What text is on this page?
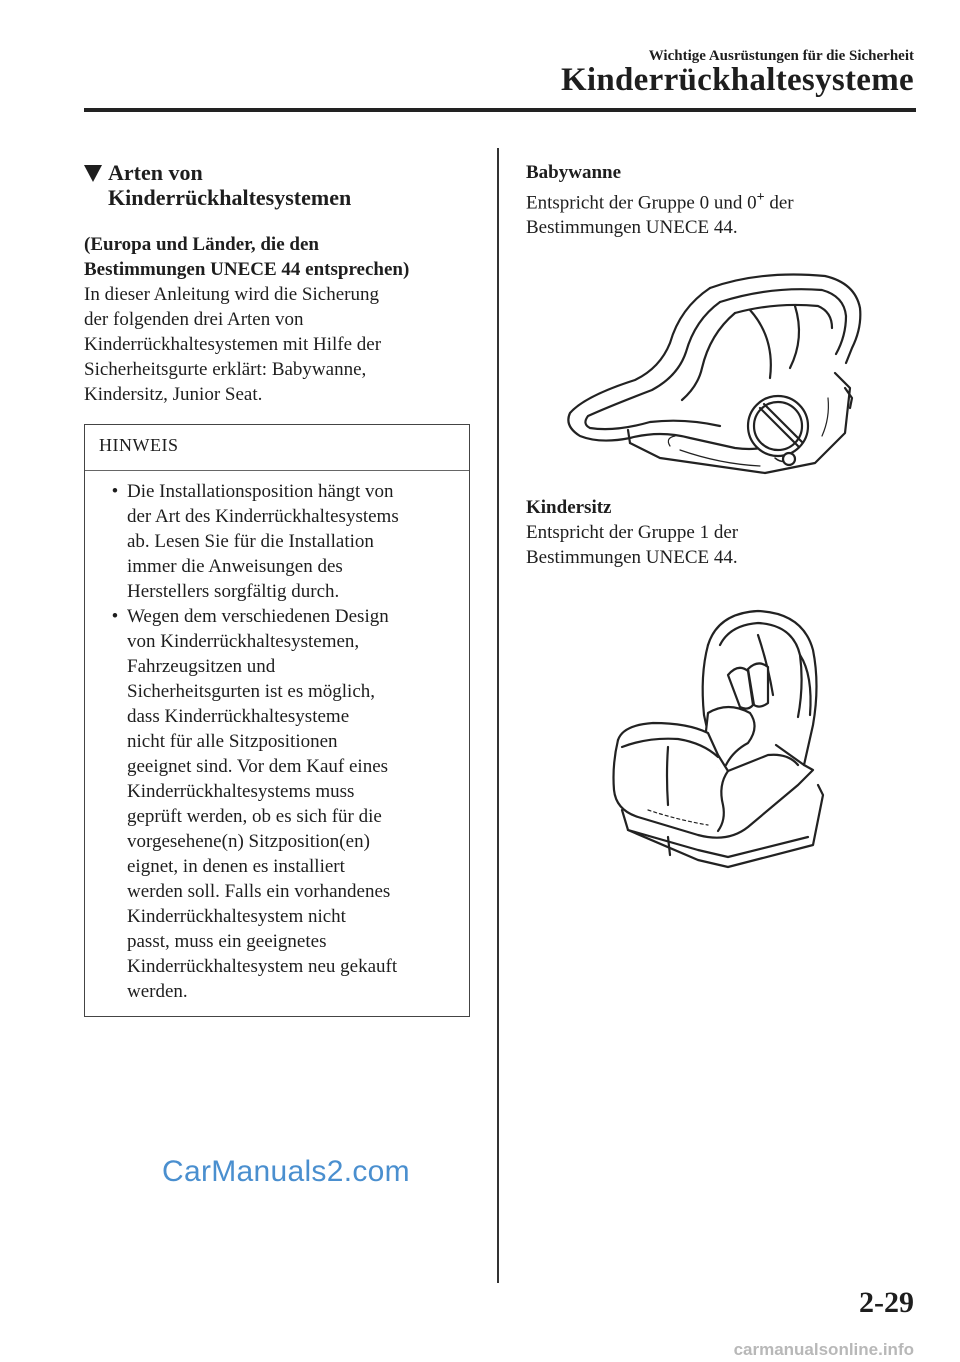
Wichtige Ausrüstungen für die Sicherheit
Kinderrückhaltesysteme
Arten von
Kinderrückhaltesystemen
(Europa und Länder, die den
Bestimmungen UNECE 44 entsprechen)
In dieser Anleitung wird die Sicherung
der folgenden drei Arten von
Kinderrückhaltesystemen mit Hilfe der
Sicherheitsgurte erklärt: Babywanne,
Kindersitz, Junior Seat.
HINWEIS
• Die Installationsposition hängt von
der Art des Kinderrückhaltesystems
ab. Lesen Sie für die Installation
immer die Anweisungen des
Herstellers sorgfältig durch.
• Wegen dem verschiedenen Design
von Kinderrückhaltesystemen,
Fahrzeugsitzen und
Sicherheitsgurten ist es möglich,
dass Kinderrückhaltesysteme
nicht für alle Sitzpositionen
geeignet sind. Vor dem Kauf eines
Kinderrückhaltesystems muss
geprüft werden, ob es sich für die
vorgesehene(n) Sitzposition(en)
eignet, in denen es installiert
werden soll. Falls ein vorhandenes
Kinderrückhaltesystem nicht
passt, muss ein geeignetes
Kinderrückhaltesystem neu gekauft
werden.
Babywanne
Entspricht der Gruppe 0 und 0+ der
Bestimmungen UNECE 44.
Kindersitz
Entspricht der Gruppe 1 der
Bestimmungen UNECE 44.
CarManuals2.com
2-29
carmanualsonline.info
